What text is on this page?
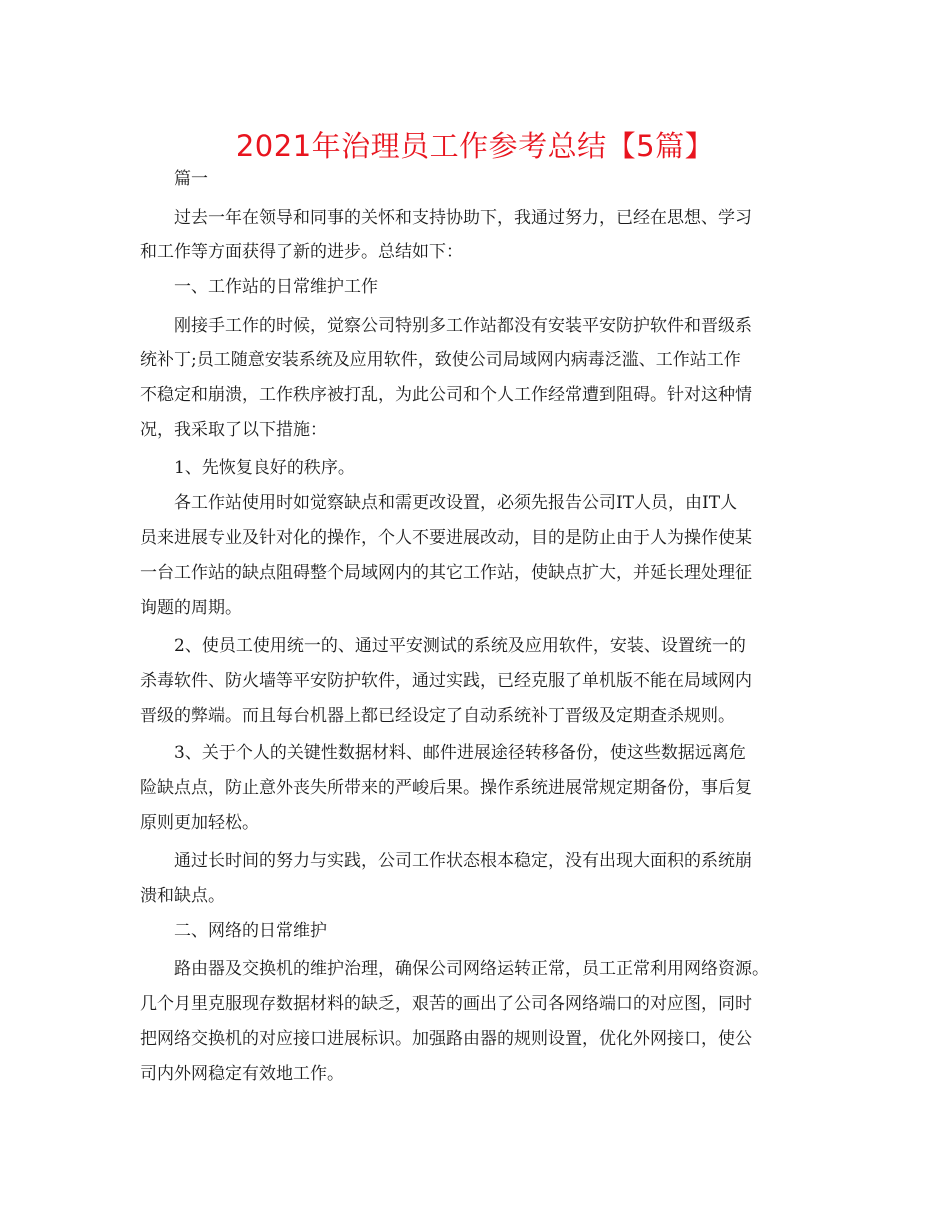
2021年治理员工作参考总结【5篇】
篇一
过去一年在领导和同事的关怀和支持协助下，我通过努力，已经在思想、学习
和工作等方面获得了新的进步。总结如下：
一、工作站的日常维护工作
刚接手工作的时候，觉察公司特别多工作站都没有安装平安防护软件和晋级系
统补丁;员工随意安装系统及应用软件，致使公司局域网内病毒泛滥、工作站工作
不稳定和崩溃，工作秩序被打乱，为此公司和个人工作经常遭到阻碍。针对这种情
况，我采取了以下措施：
1、先恢复良好的秩序。
各工作站使用时如觉察缺点和需更改设置，必须先报告公司IT人员，由IT人
员来进展专业及针对化的操作，个人不要进展改动，目的是防止由于人为操作使某
一台工作站的缺点阻碍整个局域网内的其它工作站，使缺点扩大，并延长理处理征
询题的周期。
2、使员工使用统一的、通过平安测试的系统及应用软件，安装、设置统一的
杀毒软件、防火墙等平安防护软件，通过实践，已经克服了单机版不能在局域网内
晋级的弊端。而且每台机器上都已经设定了自动系统补丁晋级及定期查杀规则。
3、关于个人的关键性数据材料、邮件进展途径转移备份，使这些数据远离危
险缺点点，防止意外丧失所带来的严峻后果。操作系统进展常规定期备份，事后复
原则更加轻松。
通过长时间的努力与实践，公司工作状态根本稳定，没有出现大面积的系统崩
溃和缺点。
二、网络的日常维护
路由器及交换机的维护治理，确保公司网络运转正常，员工正常利用网络资源。
几个月里克服现存数据材料的缺乏，艰苦的画出了公司各网络端口的对应图，同时
把网络交换机的对应接口进展标识。加强路由器的规则设置，优化外网接口，使公
司内外网稳定有效地工作。
